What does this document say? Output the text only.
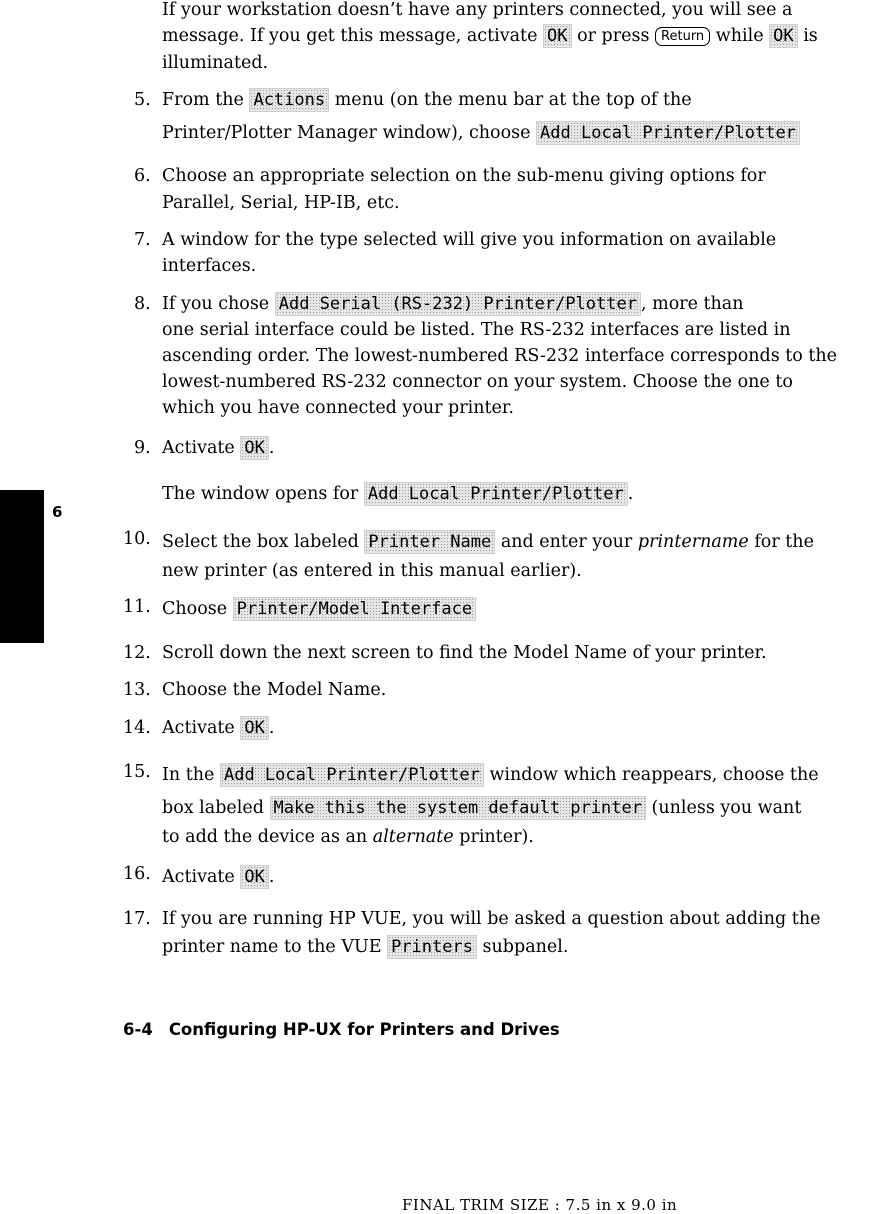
6
If your workstation doesn’t have any printers connected, you will see a
message. If you get this message, activate OK or press Return while OK is
illuminated.
5. From the Actions menu (on the menu bar at the top of the
Printer/Plotter Manager window), choose Add Local Printer/Plotter
6. Choose an appropriate selection on the sub-menu giving options for
Parallel, Serial, HP-IB, etc.
7. A window for the type selected will give you information on available
interfaces.
8. If you chose Add Serial (RS-232) Printer/Plotter , more than
one serial interface could be listed. The RS-232 interfaces are listed in
ascending order. The lowest-numbered RS-232 interface corresponds to the
lowest-numbered RS-232 connector on your system. Choose the one to
which you have connected your printer.
9. Activate OK .
The window opens for Add Local Printer/Plotter .
10. Select the box labeled Printer Name and enter your printername for the
new printer (as entered in this manual earlier).
11. Choose Printer/Model Interface
12. Scroll down the next screen to find the Model Name of your printer.
13. Choose the Model Name.
14. Activate OK .
15. In the Add Local Printer/Plotter window which reappears, choose the
box labeled Make this the system default printer (unless you want
to add the device as an alternate printer).
16. Activate OK .
17. If you are running HP VUE, you will be asked a question about adding the
printer name to the VUE Printers subpanel.
6-4 Configuring HP-UX for Printers and Drives
FINAL TRIM SIZE : 7.5 in x 9.0 in
